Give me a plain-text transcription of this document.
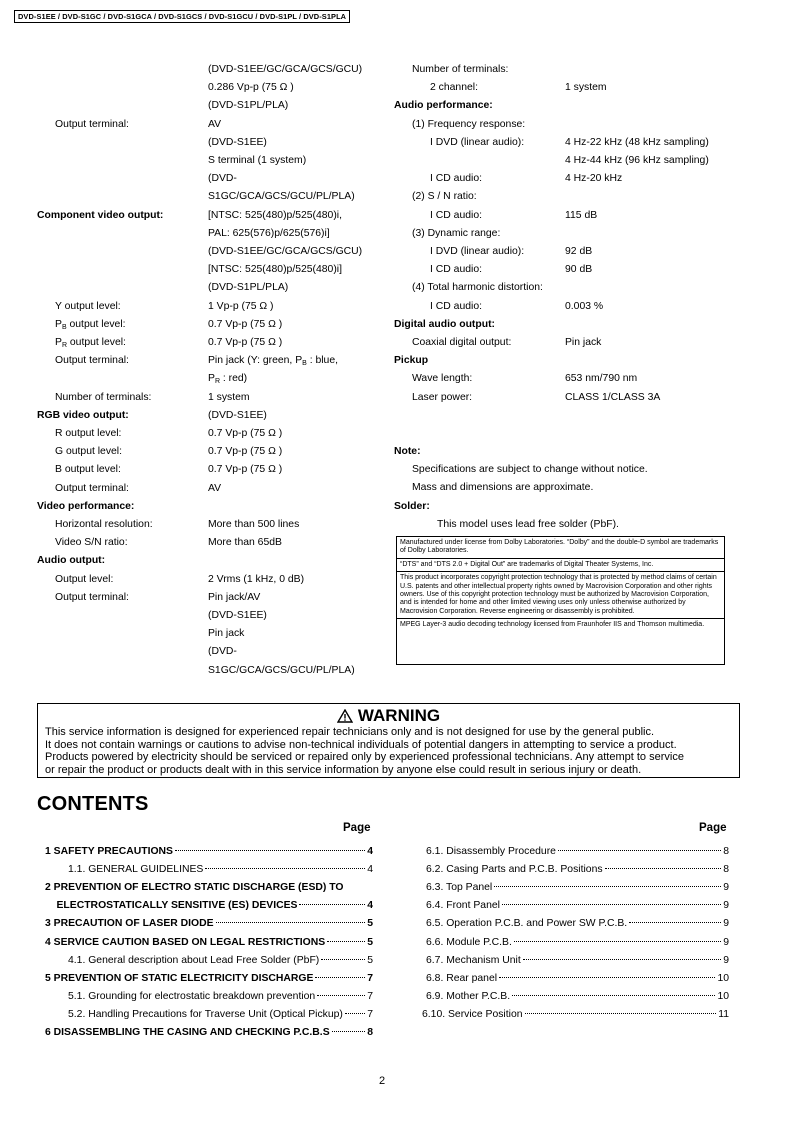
DVD-S1EE / DVD-S1GC / DVD-S1GCA / DVD-S1GCS / DVD-S1GCU / DVD-S1PL / DVD-S1PLA
(DVD-S1EE/GC/GCA/GCS/GCU)
0.286 Vp-p (75 Ω )
(DVD-S1PL/PLA)
Output terminal:	AV
(DVD-S1EE)
S terminal (1 system)
(DVD-
S1GC/GCA/GCS/GCU/PL/PLA)
Component video output:	[NTSC: 525(480)p/525(480)i,
PAL: 625(576)p/625(576)i]
(DVD-S1EE/GC/GCA/GCS/GCU)
[NTSC: 525(480)p/525(480)i]
(DVD-S1PL/PLA)
Y output level:	1 Vp-p (75 Ω )
$P_B$ output level:	0.7 Vp-p (75 Ω )
$P_R$ output level:	0.7 Vp-p (75 Ω )
Output terminal:	Pin jack (Y: green, $P_B$ : blue,
$P_R$ : red)
Number of terminals:	1 system
RGB video output:	(DVD-S1EE)
R output level:	0.7 Vp-p (75 Ω )
G output level:	0.7 Vp-p (75 Ω )
B output level:	0.7 Vp-p (75 Ω )
Output terminal:	AV
Video performance:
Horizontal resolution:	More than 500 lines
Video S/N ratio:	More than 65dB
Audio output:
Output level:	2 Vrms (1 kHz, 0 dB)
Output terminal:	Pin jack/AV
(DVD-S1EE)
Pin jack
(DVD-
S1GC/GCA/GCS/GCU/PL/PLA)
Number of terminals:
2 channel:	1 system
Audio performance:
(1) Frequency response:
I DVD (linear audio):	4 Hz-22 kHz (48 kHz sampling)
4 Hz-44 kHz (96 kHz sampling)
I CD audio:	4 Hz-20 kHz
(2) S / N ratio:
I CD audio:	115 dB
(3) Dynamic range:
I DVD (linear audio):	92 dB
I CD audio:	90 dB
(4) Total harmonic distortion:
I CD audio:	0.003 %
Digital audio output:
Coaxial digital output:	Pin jack
Pickup
Wave length:	653 nm/790 nm
Laser power:	CLASS 1/CLASS 3A
Note:
Specifications are subject to change without notice.
Mass and dimensions are approximate.
Solder:
This model uses lead free solder (PbF).
Manufactured under license from Dolby Laboratories. “Dolby” and the double-D symbol are trademarks of Dolby Laboratories.
“DTS” and “DTS 2.0 + Digital Out” are trademarks of Digital Theater Systems, Inc.
This product incorporates copyright protection technology that is protected by method claims of certain U.S. patents and other intellectual property rights owned by Macrovision Corporation and other rights owners. Use of this copyright protection technology must be authorized by Macrovision Corporation, and is intended for home and other limited viewing uses only unless otherwise authorized by Macrovision Corporation. Reverse engineering or disassembly is prohibited.
MPEG Layer-3 audio decoding technology licensed from Fraunhofer IIS and Thomson multimedia.
WARNING
This service information is designed for experienced repair technicians only and is not designed for use by the general public.
It does not contain warnings or cautions to advise non-technical individuals of potential dangers in attempting to service a product.
Products powered by electricity should be serviced or repaired only by experienced professional technicians. Any attempt to service
or repair the product or products dealt with in this service information by anyone else could result in serious injury or death.
CONTENTS
Page	Page
1 SAFETY PRECAUTIONS	4
1.1. GENERAL GUIDELINES	4
2 PREVENTION OF ELECTRO STATIC DISCHARGE (ESD) TO
ELECTROSTATICALLY SENSITIVE (ES) DEVICES	4
3 PRECAUTION OF LASER DIODE	5
4 SERVICE CAUTION BASED ON LEGAL RESTRICTIONS	5
4.1. General description about Lead Free Solder (PbF)	5
5 PREVENTION OF STATIC ELECTRICITY DISCHARGE	7
5.1. Grounding for electrostatic breakdown prevention	7
5.2. Handling Precautions for Traverse Unit (Optical Pickup) 7
6 DISASSEMBLING THE CASING AND CHECKING P.C.B.S	8
6.1. Disassembly Procedure	8
6.2. Casing Parts and P.C.B. Positions	8
6.3. Top Panel	9
6.4. Front Panel	9
6.5. Operation P.C.B. and Power SW P.C.B.	9
6.6. Module P.C.B.	9
6.7. Mechanism Unit	9
6.8. Rear panel	10
6.9. Mother P.C.B.	10
6.10. Service Position	11
2
